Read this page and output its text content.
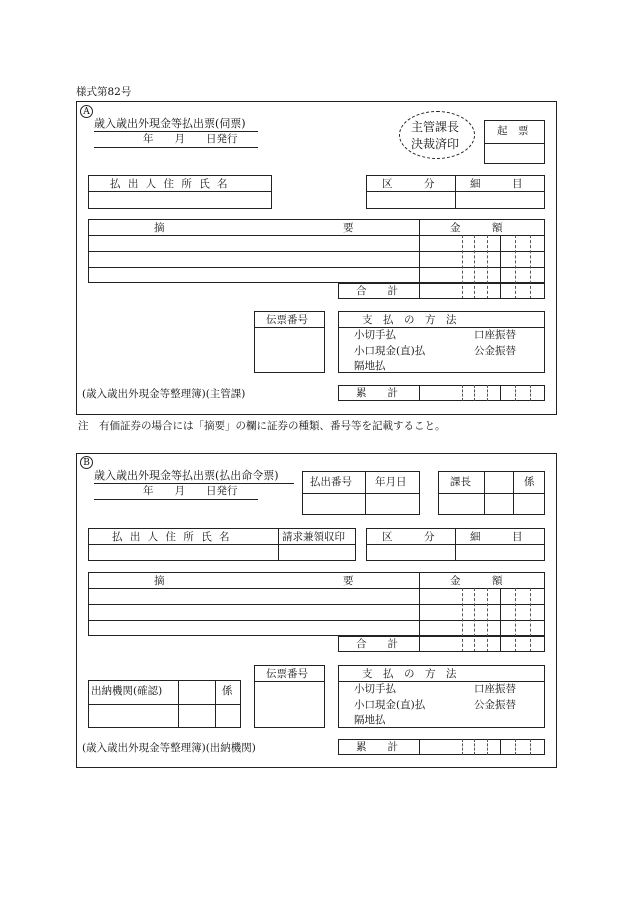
様式第82号
A
歳入歳出外現金等払出票(伺票)
年　　月　　日発行
主管課長
決裁済印
起　票
払 出 人 住 所 氏 名	区　　　分	細　　　目
摘	要	金　　　額
合　　計
伝票番号	支　払　の　方　法
小切手払	口座振替
小口現金(直)払	公金振替
隔地払
(歳入歳出外現金等整理簿)(主管課)	累　　計
注　有価証券の場合には「摘要」の欄に証券の種類、番号等を記載すること。
B
歳入歳出外現金等払出票(払出命令票)
年　　月　　日発行
払出番号 年月日	課長	係
払 出 人 住 所 氏 名	請求兼領収印	区　　　分	細　　　目
摘	要	金　　　額
合　　計
出納機関(確認)	係
伝票番号	支　払　の　方　法
小切手払	口座振替
小口現金(直)払	公金振替
隔地払
(歳入歳出外現金等整理簿)(出納機関)	累　　計
